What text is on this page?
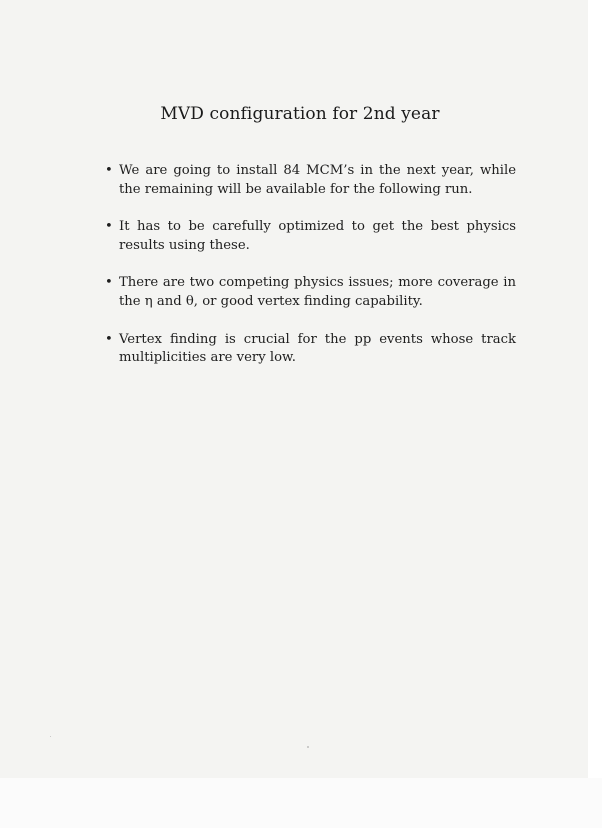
MVD configuration for 2nd year
• We are going to install 84 MCM’s in the next year, while the remaining will be available for the following run.
• It has to be carefully optimized to get the best physics results using these.
• There are two competing physics issues; more coverage in the η and θ, or good vertex finding capability.
• Vertex finding is crucial for the pp events whose track multiplicities are very low.
